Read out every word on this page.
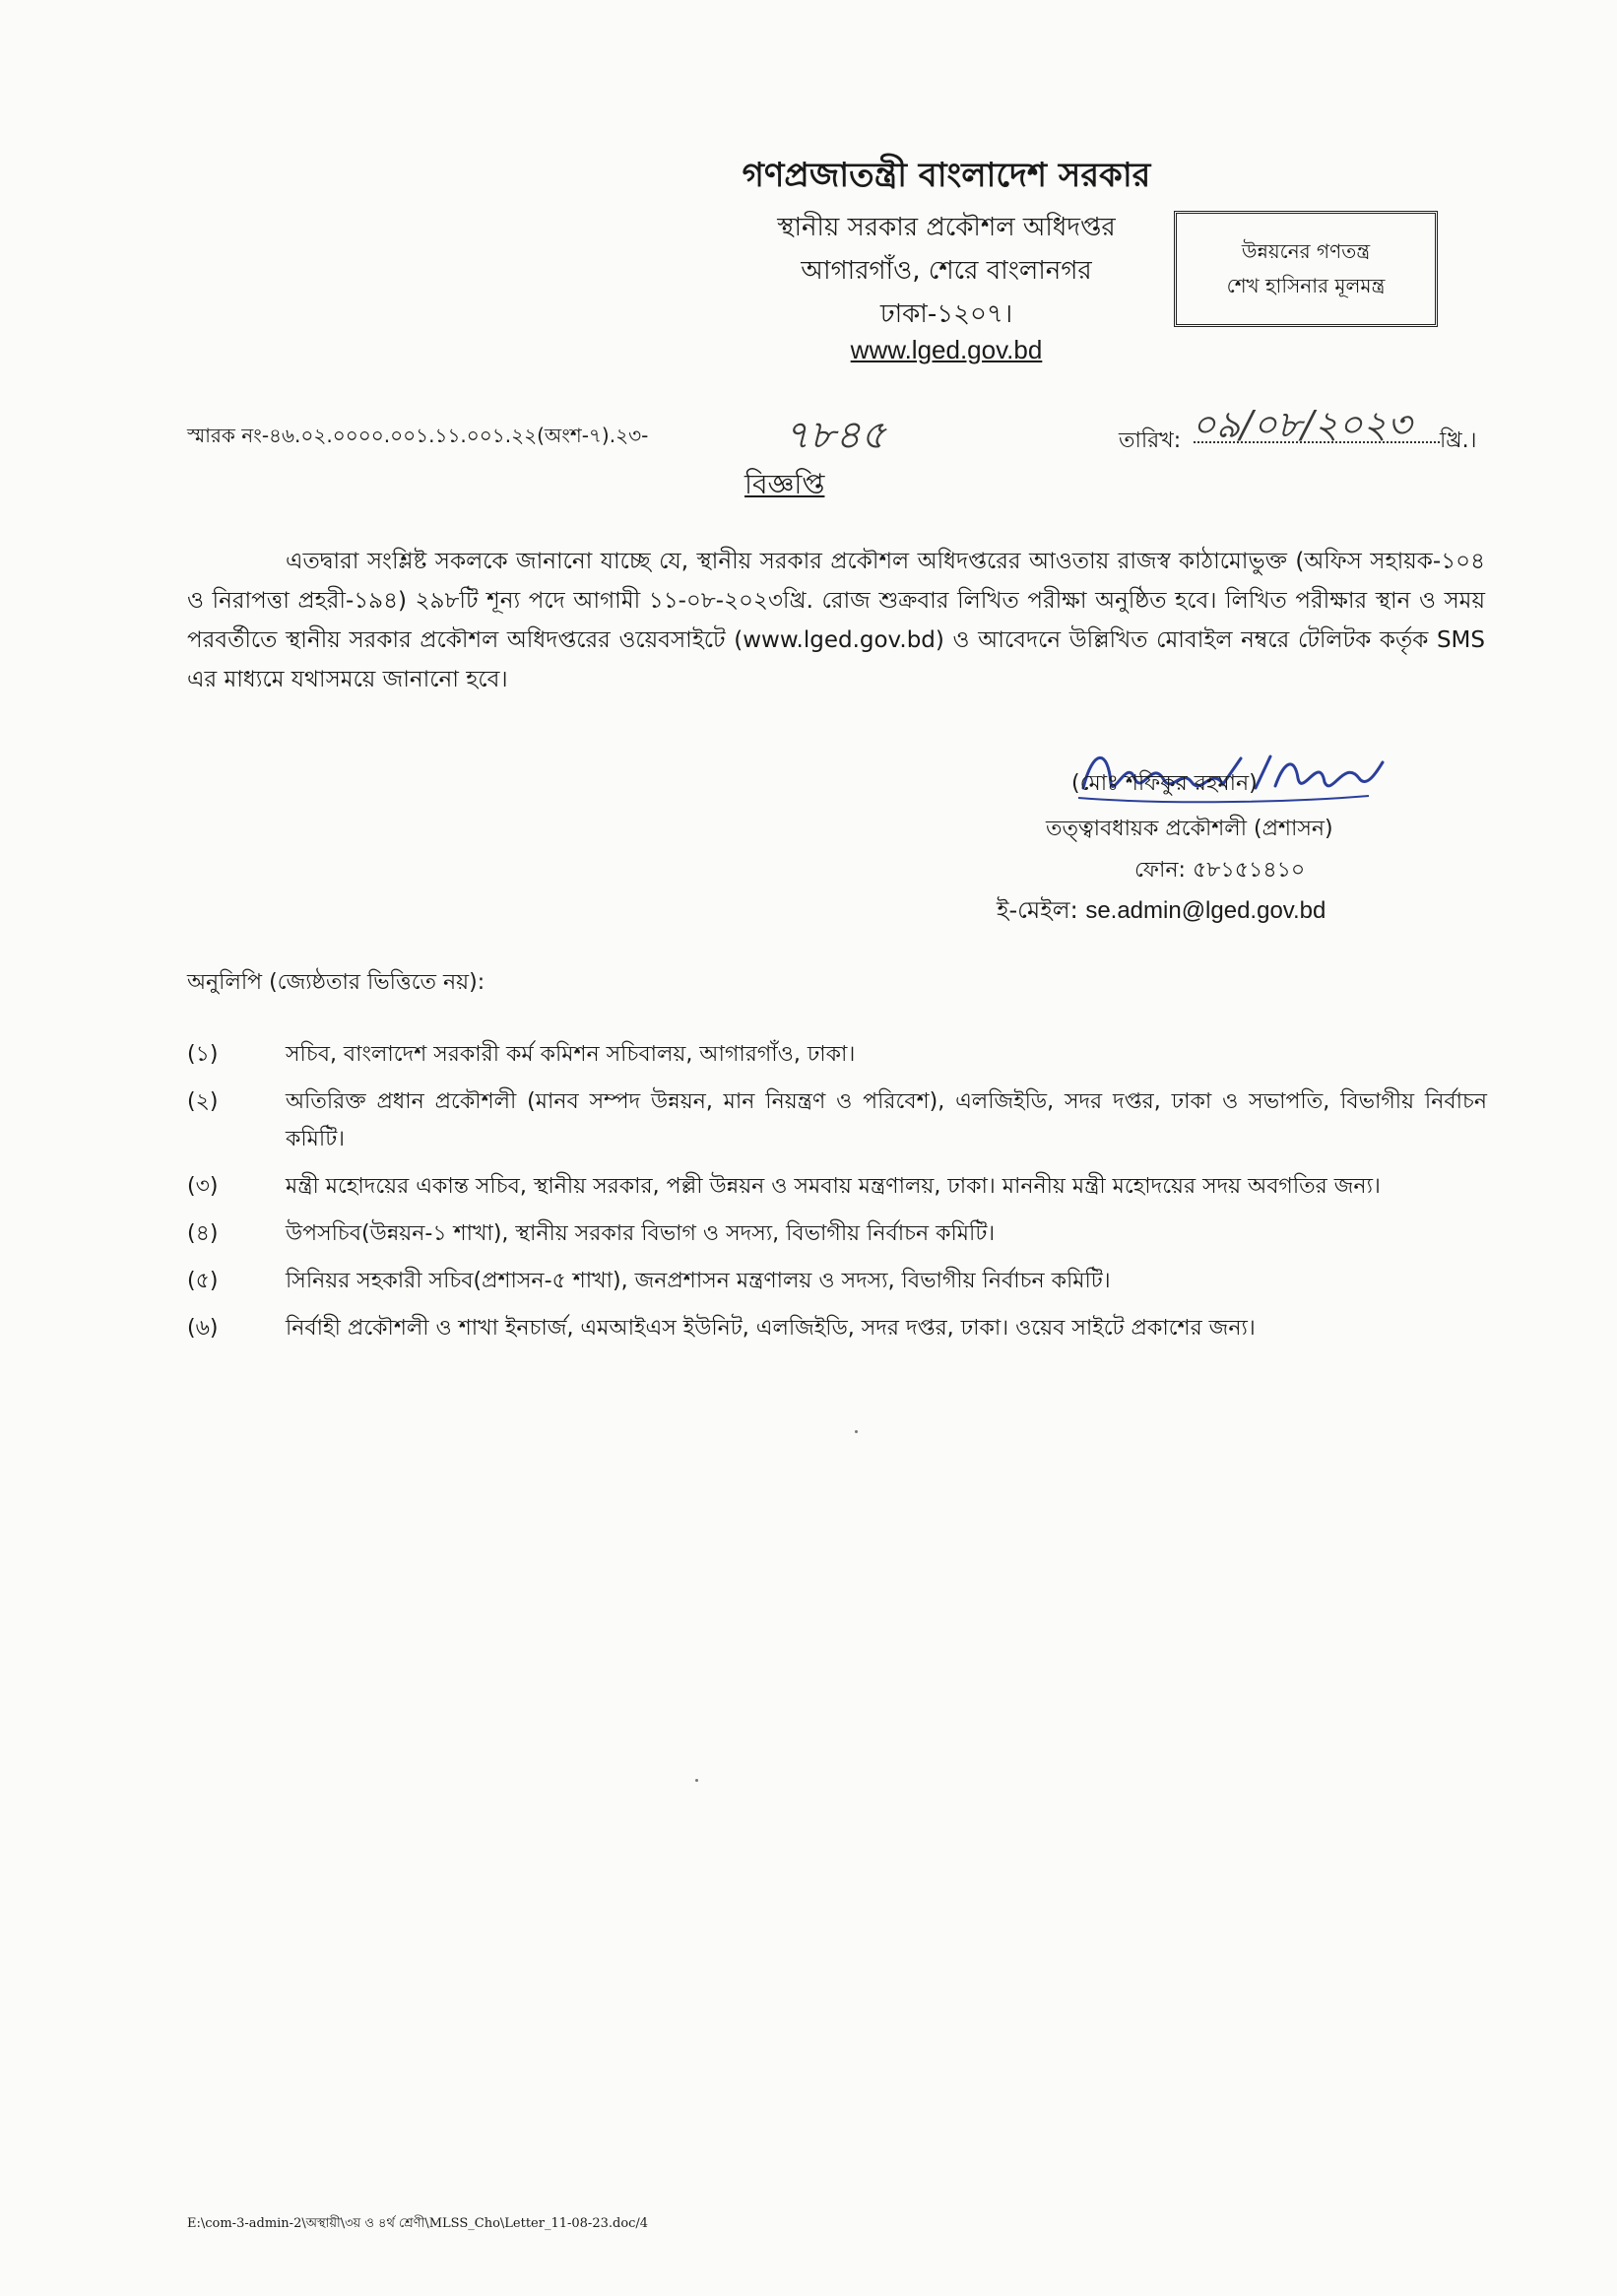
গণপ্রজাতন্ত্রী বাংলাদেশ সরকার
স্থানীয় সরকার প্রকৌশল অধিদপ্তর
আগারগাঁও, শেরে বাংলানগর
ঢাকা-১২০৭।
www.lged.gov.bd
উন্নয়নের গণতন্ত্র
শেখ হাসিনার মূলমন্ত্র
স্মারক নং-৪৬.০২.০০০০.০০১.১১.০০১.২২(অংশ-৭).২৩-	৭৮৪৫	তারিখ: ০৯/০৮/২০২৩ খ্রি.।
বিজ্ঞপ্তি
এতদ্বারা সংশ্লিষ্ট সকলকে জানানো যাচ্ছে যে, স্থানীয় সরকার প্রকৌশল অধিদপ্তরের আওতায় রাজস্ব কাঠামোভুক্ত (অফিস সহায়ক-১০৪ ও নিরাপত্তা প্রহরী-১৯৪) ২৯৮টি শূন্য পদে আগামী ১১-০৮-২০২৩খ্রি. রোজ শুক্রবার লিখিত পরীক্ষা অনুষ্ঠিত হবে। লিখিত পরীক্ষার স্থান ও সময় পরবর্তীতে স্থানীয় সরকার প্রকৌশল অধিদপ্তরের ওয়েবসাইটে (www.lged.gov.bd) ও আবেদনে উল্লিখিত মোবাইল নম্বরে টেলিটক কর্তৃক SMS এর মাধ্যমে যথাসময়ে জানানো হবে।
(মোঃ শফিকুর রহমান)
তত্ত্বাবধায়ক প্রকৌশলী (প্রশাসন)
ফোন: ৫৮১৫১৪১০
ই-মেইল: se.admin@lged.gov.bd
অনুলিপি (জ্যেষ্ঠতার ভিত্তিতে নয়):
(১)	সচিব, বাংলাদেশ সরকারী কর্ম কমিশন সচিবালয়, আগারগাঁও, ঢাকা।
(২)	অতিরিক্ত প্রধান প্রকৌশলী (মানব সম্পদ উন্নয়ন, মান নিয়ন্ত্রণ ও পরিবেশ), এলজিইডি, সদর দপ্তর, ঢাকা ও সভাপতি, বিভাগীয় নির্বাচন কমিটি।
(৩)	মন্ত্রী মহোদয়ের একান্ত সচিব, স্থানীয় সরকার, পল্লী উন্নয়ন ও সমবায় মন্ত্রণালয়, ঢাকা। মাননীয় মন্ত্রী মহোদয়ের সদয় অবগতির জন্য।
(৪)	উপসচিব(উন্নয়ন-১ শাখা), স্থানীয় সরকার বিভাগ ও সদস্য, বিভাগীয় নির্বাচন কমিটি।
(৫)	সিনিয়র সহকারী সচিব(প্রশাসন-৫ শাখা), জনপ্রশাসন মন্ত্রণালয় ও সদস্য, বিভাগীয় নির্বাচন কমিটি।
(৬)	নির্বাহী প্রকৌশলী ও শাখা ইনচার্জ, এমআইএস ইউনিট, এলজিইডি, সদর দপ্তর, ঢাকা। ওয়েব সাইটে প্রকাশের জন্য।
E:\com-3-admin-2\অস্থায়ী\৩য় ও ৪র্থ শ্রেণী\MLSS_Cho\Letter_11-08-23.doc/4
